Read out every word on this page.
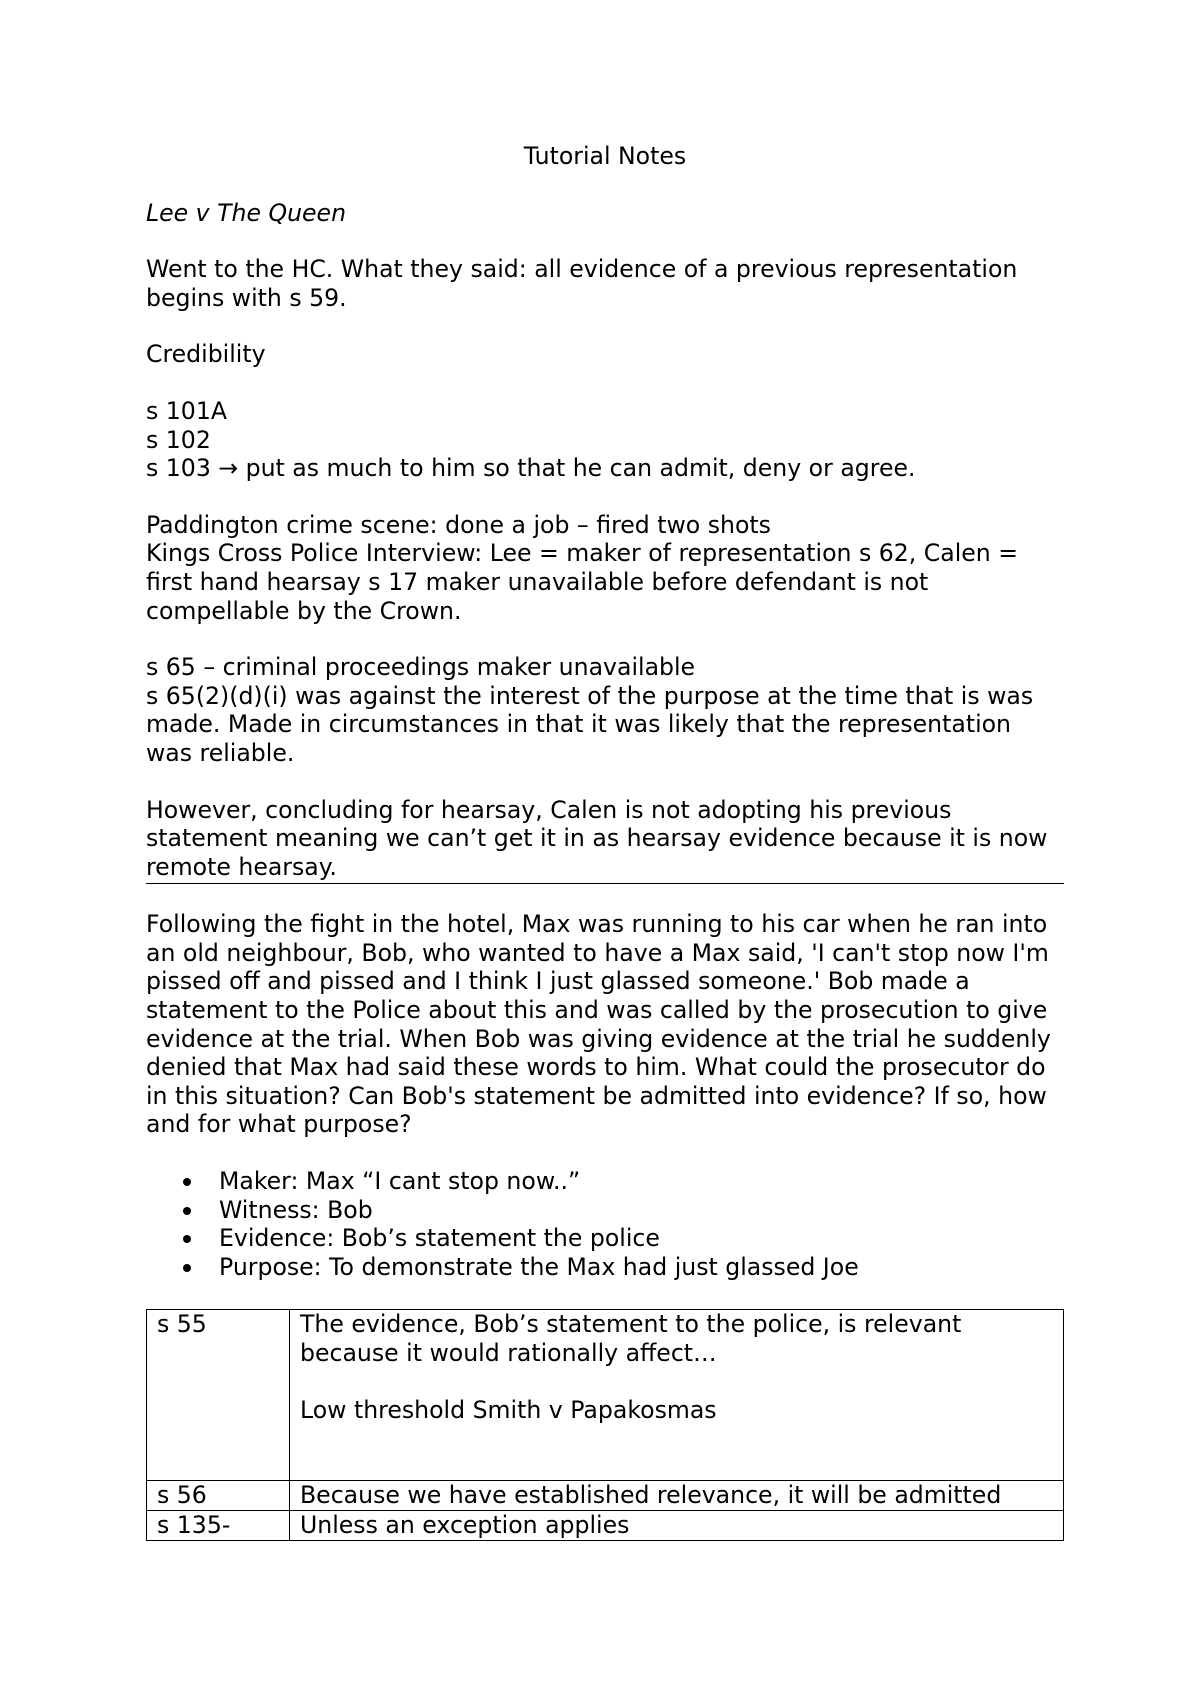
Tutorial Notes
Lee v The Queen

Went to the HC. What they said: all evidence of a previous representation begins with s 59.

Credibility

s 101A
s 102
s 103 → put as much to him so that he can admit, deny or agree.
Paddington crime scene: done a job – fired two shots
Kings Cross Police Interview: Lee = maker of representation s 62, Calen = first hand hearsay s 17 maker unavailable before defendant is not compellable by the Crown.
s 65 – criminal proceedings maker unavailable
s 65(2)(d)(i) was against the interest of the purpose at the time that is was made. Made in circumstances in that it was likely that the representation was reliable.
However, concluding for hearsay, Calen is not adopting his previous statement meaning we can’t get it in as hearsay evidence because it is now remote hearsay.

Following the fight in the hotel, Max was running to his car when he ran into an old neighbour, Bob, who wanted to have a Max said, 'I can't stop now I'm pissed off and pissed and I think I just glassed someone.' Bob made a statement to the Police about this and was called by the prosecution to give evidence at the trial. When Bob was giving evidence at the trial he suddenly denied that Max had said these words to him. What could the prosecutor do in this situation? Can Bob's statement be admitted into evidence? If so, how and for what purpose?

Maker: Max “I cant stop now..”
Witness: Bob
Evidence: Bob’s statement the police
Purpose: To demonstrate the Max had just glassed Joe
s 55	The evidence, Bob’s statement to the police, is relevant because it would rationally affect…
Low threshold Smith v Papakosmas

s 56	Because we have established relevance, it will be admitted
s 135-	Unless an exception applies
